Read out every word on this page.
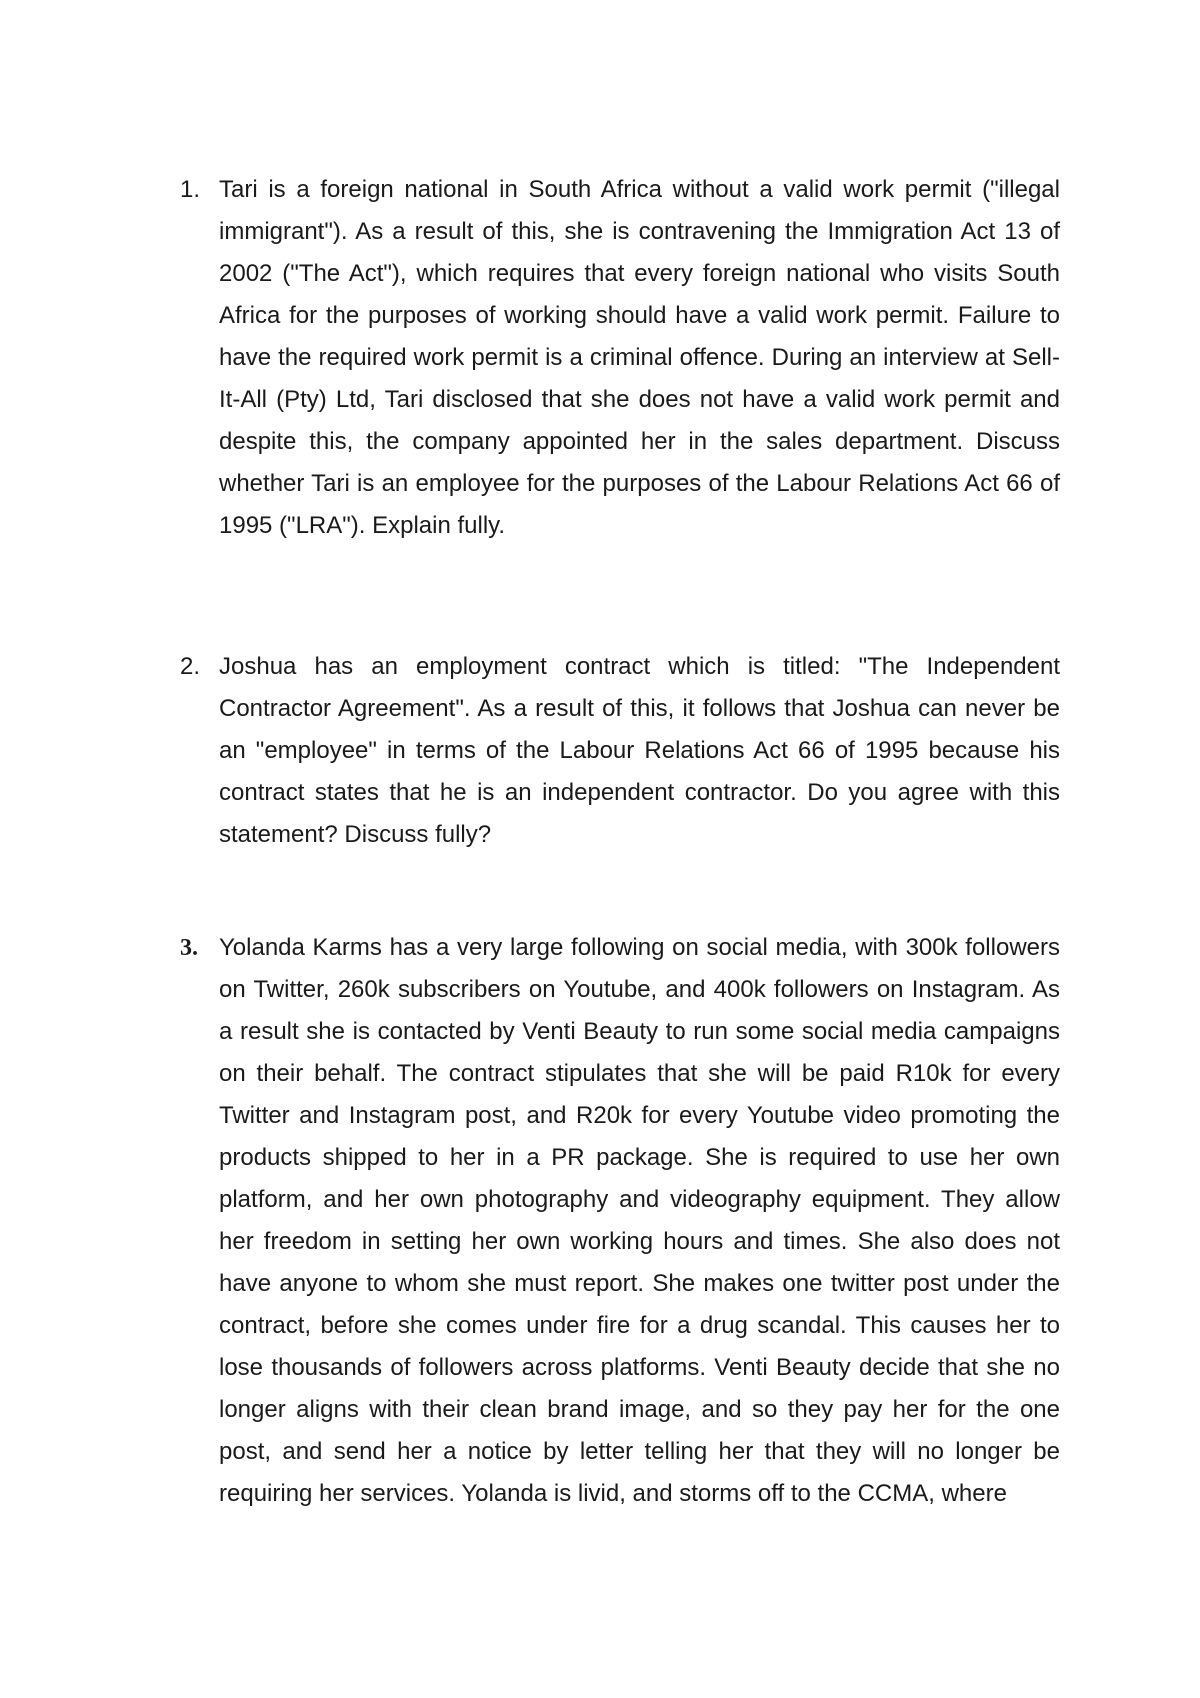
1. Tari is a foreign national in South Africa without a valid work permit ("illegal immigrant"). As a result of this, she is contravening the Immigration Act 13 of 2002 ("The Act"), which requires that every foreign national who visits South Africa for the purposes of working should have a valid work permit. Failure to have the required work permit is a criminal offence. During an interview at Sell- It-All (Pty) Ltd, Tari disclosed that she does not have a valid work permit and despite this, the company appointed her in the sales department. Discuss whether Tari is an employee for the purposes of the Labour Relations Act 66 of 1995 ("LRA"). Explain fully.
2. Joshua has an employment contract which is titled: "The Independent Contractor Agreement". As a result of this, it follows that Joshua can never be an "employee" in terms of the Labour Relations Act 66 of 1995 because his contract states that he is an independent contractor. Do you agree with this statement? Discuss fully?
3. Yolanda Karms has a very large following on social media, with 300k followers on Twitter, 260k subscribers on Youtube, and 400k followers on Instagram. As a result she is contacted by Venti Beauty to run some social media campaigns on their behalf. The contract stipulates that she will be paid R10k for every Twitter and Instagram post, and R20k for every Youtube video promoting the products shipped to her in a PR package. She is required to use her own platform, and her own photography and videography equipment. They allow her freedom in setting her own working hours and times. She also does not have anyone to whom she must report. She makes one twitter post under the contract, before she comes under fire for a drug scandal. This causes her to lose thousands of followers across platforms. Venti Beauty decide that she no longer aligns with their clean brand image, and so they pay her for the one post, and send her a notice by letter telling her that they will no longer be requiring her services. Yolanda is livid, and storms off to the CCMA, where
